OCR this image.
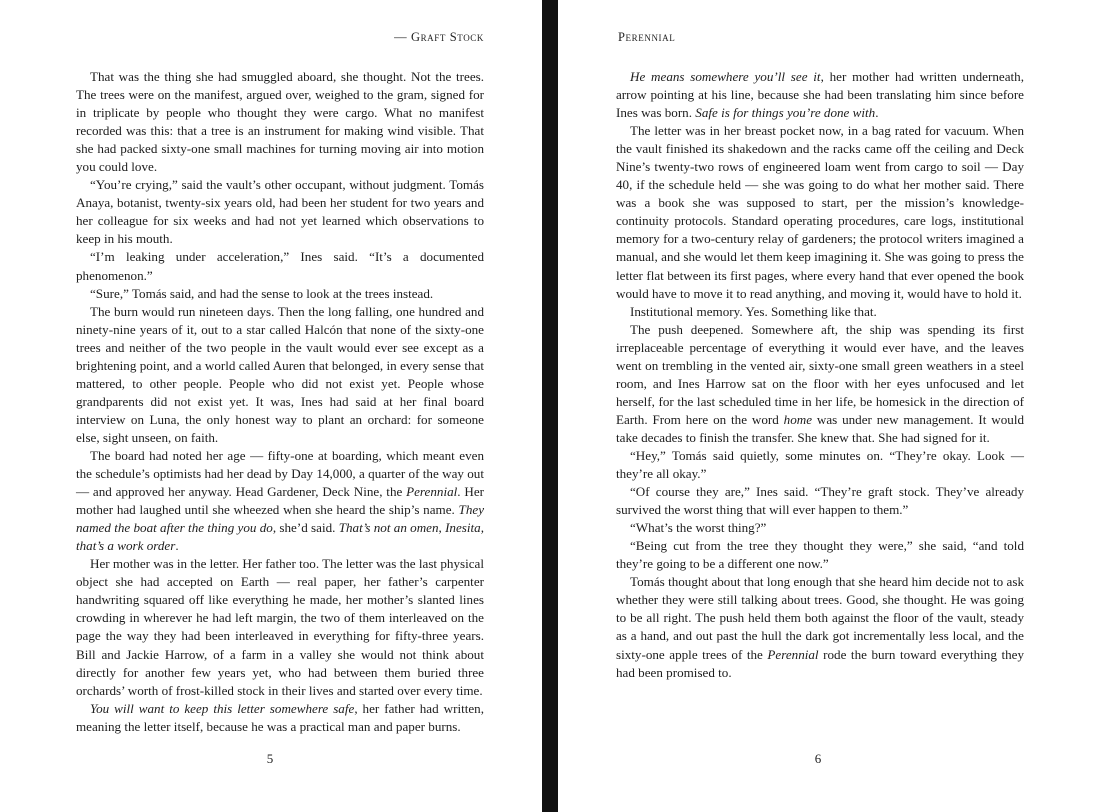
— Graft Stock

That was the thing she had smuggled aboard, she thought. Not the trees. The trees were on the manifest, argued over, weighed to the gram, signed for in triplicate by people who thought they were cargo. What no manifest recorded was this: that a tree is an instrument for making wind visible. That she had packed sixty-one small machines for turning moving air into motion you could love.

“You’re crying,” said the vault’s other occupant, without judgment. Tomás Anaya, botanist, twenty-six years old, had been her student for two years and her colleague for six weeks and had not yet learned which observations to keep in his mouth.

“I’m leaking under acceleration,” Ines said. “It’s a documented phenomenon.”

“Sure,” Tomás said, and had the sense to look at the trees instead.

The burn would run nineteen days. Then the long falling, one hundred and ninety-nine years of it, out to a star called Halcón that none of the sixty-one trees and neither of the two people in the vault would ever see except as a brightening point, and a world called Auren that belonged, in every sense that mattered, to other people. People who did not exist yet. People whose grandparents did not exist yet. It was, Ines had said at her final board interview on Luna, the only honest way to plant an orchard: for someone else, sight unseen, on faith.

The board had noted her age — fifty-one at boarding, which meant even the schedule’s optimists had her dead by Day 14,000, a quarter of the way out — and approved her anyway. Head Gardener, Deck Nine, the Perennial. Her mother had laughed until she wheezed when she heard the ship’s name. They named the boat after the thing you do, she’d said. That’s not an omen, Inesita, that’s a work order.

Her mother was in the letter. Her father too. The letter was the last physical object she had accepted on Earth — real paper, her father’s carpenter handwriting squared off like everything he made, her mother’s slanted lines crowding in wherever he had left margin, the two of them interleaved on the page the way they had been interleaved in everything for fifty-three years. Bill and Jackie Harrow, of a farm in a valley she would not think about directly for another few years yet, who had between them buried three orchards’ worth of frost-killed stock in their lives and started over every time.

You will want to keep this letter somewhere safe, her father had written, meaning the letter itself, because he was a practical man and paper burns.

5
Perennial

He means somewhere you’ll see it, her mother had written underneath, arrow pointing at his line, because she had been translating him since before Ines was born. Safe is for things you’re done with.

The letter was in her breast pocket now, in a bag rated for vacuum. When the vault finished its shakedown and the racks came off the ceiling and Deck Nine’s twenty-two rows of engineered loam went from cargo to soil — Day 40, if the schedule held — she was going to do what her mother said. There was a book she was supposed to start, per the mission’s knowledge-continuity protocols. Standard operating procedures, care logs, institutional memory for a two-century relay of gardeners; the protocol writers imagined a manual, and she would let them keep imagining it. She was going to press the letter flat between its first pages, where every hand that ever opened the book would have to move it to read anything, and moving it, would have to hold it.

Institutional memory. Yes. Something like that.

The push deepened. Somewhere aft, the ship was spending its first irreplaceable percentage of everything it would ever have, and the leaves went on trembling in the vented air, sixty-one small green weathers in a steel room, and Ines Harrow sat on the floor with her eyes unfocused and let herself, for the last scheduled time in her life, be homesick in the direction of Earth. From here on the word home was under new management. It would take decades to finish the transfer. She knew that. She had signed for it.

“Hey,” Tomás said quietly, some minutes on. “They’re okay. Look — they’re all okay.”

“Of course they are,” Ines said. “They’re graft stock. They’ve already survived the worst thing that will ever happen to them.”

“What’s the worst thing?”

“Being cut from the tree they thought they were,” she said, “and told they’re going to be a different one now.”

Tomás thought about that long enough that she heard him decide not to ask whether they were still talking about trees. Good, she thought. He was going to be all right. The push held them both against the floor of the vault, steady as a hand, and out past the hull the dark got incrementally less local, and the sixty-one apple trees of the Perennial rode the burn toward everything they had been promised to.

6
